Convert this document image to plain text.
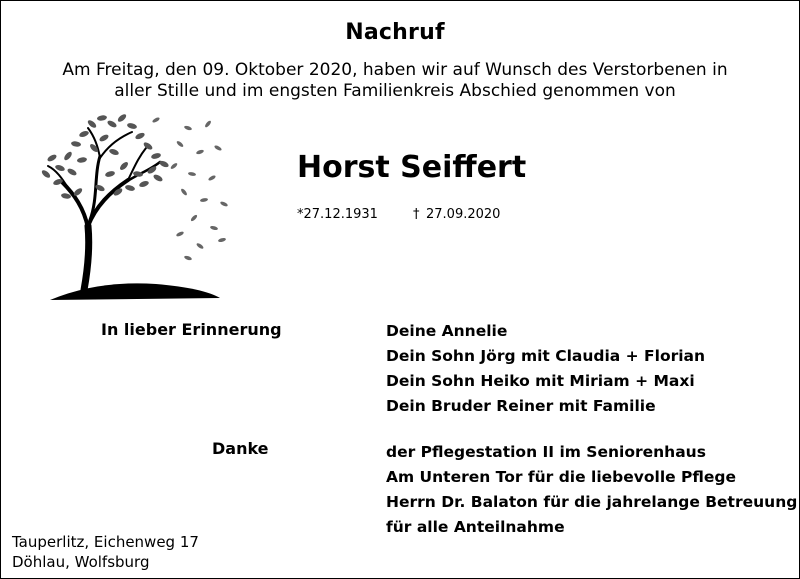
Nachruf
Am Freitag, den 09. Oktober 2020, haben wir auf Wunsch des Verstorbenen in
aller Stille und im engsten Familienkreis Abschied genommen von
Horst Seiffert
*27.12.1931	† 27.09.2020
In lieber Erinnerung	Deine Annelie
Dein Sohn Jörg mit Claudia + Florian
Dein Sohn Heiko mit Miriam + Maxi
Dein Bruder Reiner mit Familie
Danke	der Pflegestation II im Seniorenhaus
Am Unteren Tor für die liebevolle Pflege
Herrn Dr. Balaton für die jahrelange Betreuung
für alle Anteilnahme
Tauperlitz, Eichenweg 17
Döhlau, Wolfsburg
